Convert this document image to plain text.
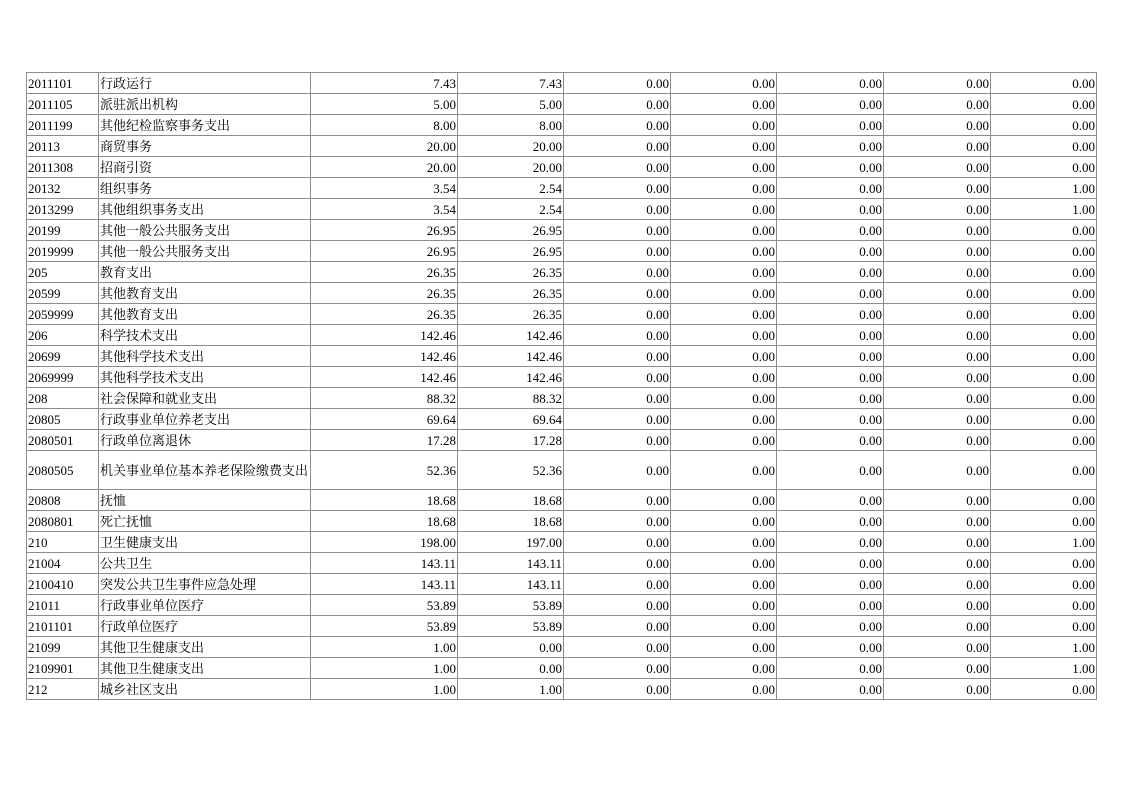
2011101	行政运行	7.43	7.43	0.00	0.00	0.00	0.00	0.00
2011105	派驻派出机构	5.00	5.00	0.00	0.00	0.00	0.00	0.00
2011199	其他纪检监察事务支出	8.00	8.00	0.00	0.00	0.00	0.00	0.00
20113	商贸事务	20.00	20.00	0.00	0.00	0.00	0.00	0.00
2011308	招商引资	20.00	20.00	0.00	0.00	0.00	0.00	0.00
20132	组织事务	3.54	2.54	0.00	0.00	0.00	0.00	1.00
2013299	其他组织事务支出	3.54	2.54	0.00	0.00	0.00	0.00	1.00
20199	其他一般公共服务支出	26.95	26.95	0.00	0.00	0.00	0.00	0.00
2019999	其他一般公共服务支出	26.95	26.95	0.00	0.00	0.00	0.00	0.00
205	教育支出	26.35	26.35	0.00	0.00	0.00	0.00	0.00
20599	其他教育支出	26.35	26.35	0.00	0.00	0.00	0.00	0.00
2059999	其他教育支出	26.35	26.35	0.00	0.00	0.00	0.00	0.00
206	科学技术支出	142.46	142.46	0.00	0.00	0.00	0.00	0.00
20699	其他科学技术支出	142.46	142.46	0.00	0.00	0.00	0.00	0.00
2069999	其他科学技术支出	142.46	142.46	0.00	0.00	0.00	0.00	0.00
208	社会保障和就业支出	88.32	88.32	0.00	0.00	0.00	0.00	0.00
20805	行政事业单位养老支出	69.64	69.64	0.00	0.00	0.00	0.00	0.00
2080501	行政单位离退休	17.28	17.28	0.00	0.00	0.00	0.00	0.00
2080505	机关事业单位基本养老保险缴费支出	52.36	52.36	0.00	0.00	0.00	0.00	0.00
20808	抚恤	18.68	18.68	0.00	0.00	0.00	0.00	0.00
2080801	死亡抚恤	18.68	18.68	0.00	0.00	0.00	0.00	0.00
210	卫生健康支出	198.00	197.00	0.00	0.00	0.00	0.00	1.00
21004	公共卫生	143.11	143.11	0.00	0.00	0.00	0.00	0.00
2100410	突发公共卫生事件应急处理	143.11	143.11	0.00	0.00	0.00	0.00	0.00
21011	行政事业单位医疗	53.89	53.89	0.00	0.00	0.00	0.00	0.00
2101101	行政单位医疗	53.89	53.89	0.00	0.00	0.00	0.00	0.00
21099	其他卫生健康支出	1.00	0.00	0.00	0.00	0.00	0.00	1.00
2109901	其他卫生健康支出	1.00	0.00	0.00	0.00	0.00	0.00	1.00
212	城乡社区支出	1.00	1.00	0.00	0.00	0.00	0.00	0.00
